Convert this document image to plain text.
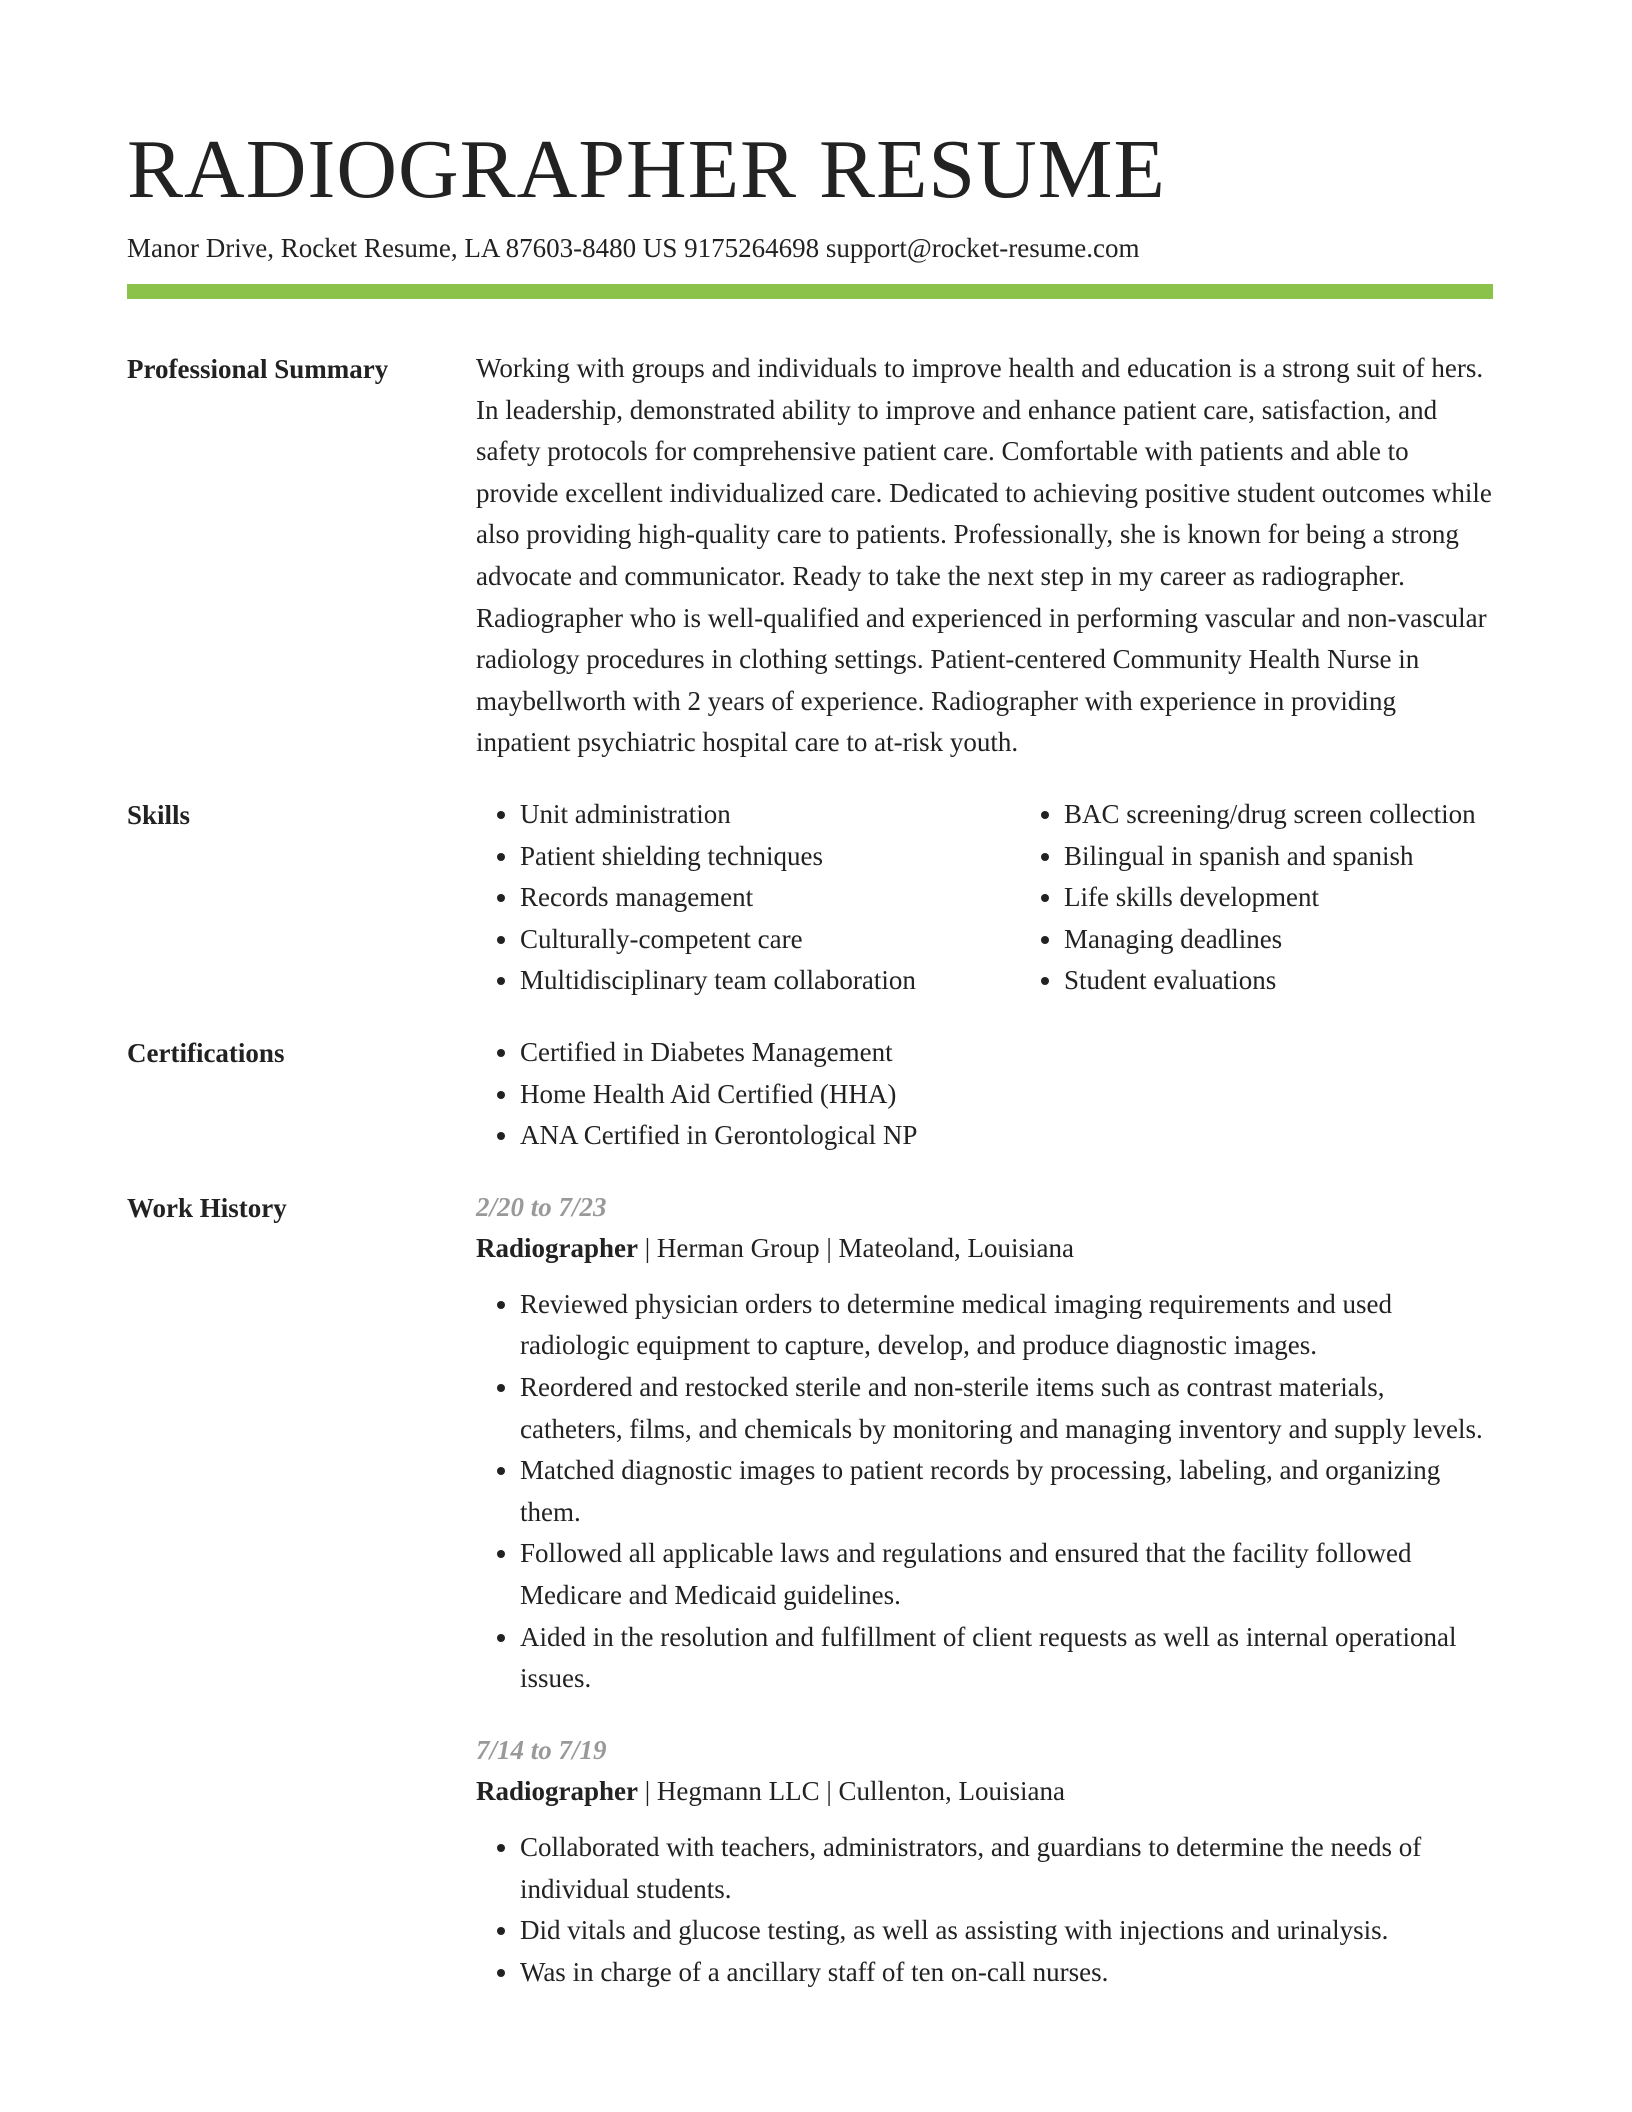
RADIOGRAPHER RESUME
Manor Drive, Rocket Resume, LA 87603-8480 US 9175264698 support@rocket-resume.com
Professional Summary	Working with groups and individuals to improve health and education is a strong suit of hers. In leadership, demonstrated ability to improve and enhance patient care, satisfaction, and safety protocols for comprehensive patient care. Comfortable with patients and able to provide excellent individualized care. Dedicated to achieving positive student outcomes while also providing high-quality care to patients. Professionally, she is known for being a strong advocate and communicator. Ready to take the next step in my career as radiographer. Radiographer who is well-qualified and experienced in performing vascular and non-vascular radiology procedures in clothing settings. Patient-centered Community Health Nurse in maybellworth with 2 years of experience. Radiographer with experience in providing inpatient psychiatric hospital care to at-risk youth.

Skills	• Unit administration
• Patient shielding techniques
• Records management
• Culturally-competent care
• Multidisciplinary team collaboration
• BAC screening/drug screen collection
• Bilingual in spanish and spanish
• Life skills development
• Managing deadlines
• Student evaluations
Certifications	• Certified in Diabetes Management
• Home Health Aid Certified (HHA)
• ANA Certified in Gerontological NP
Work History	2/20 to 7/23
Radiographer | Herman Group | Mateoland, Louisiana
• Reviewed physician orders to determine medical imaging requirements and used radiologic equipment to capture, develop, and produce diagnostic images.
• Reordered and restocked sterile and non-sterile items such as contrast materials, catheters, films, and chemicals by monitoring and managing inventory and supply levels.
• Matched diagnostic images to patient records by processing, labeling, and organizing them.
• Followed all applicable laws and regulations and ensured that the facility followed Medicare and Medicaid guidelines.
• Aided in the resolution and fulfillment of client requests as well as internal operational issues.
7/14 to 7/19
Radiographer | Hegmann LLC | Cullenton, Louisiana
• Collaborated with teachers, administrators, and guardians to determine the needs of individual students.
• Did vitals and glucose testing, as well as assisting with injections and urinalysis.
• Was in charge of a ancillary staff of ten on-call nurses.
